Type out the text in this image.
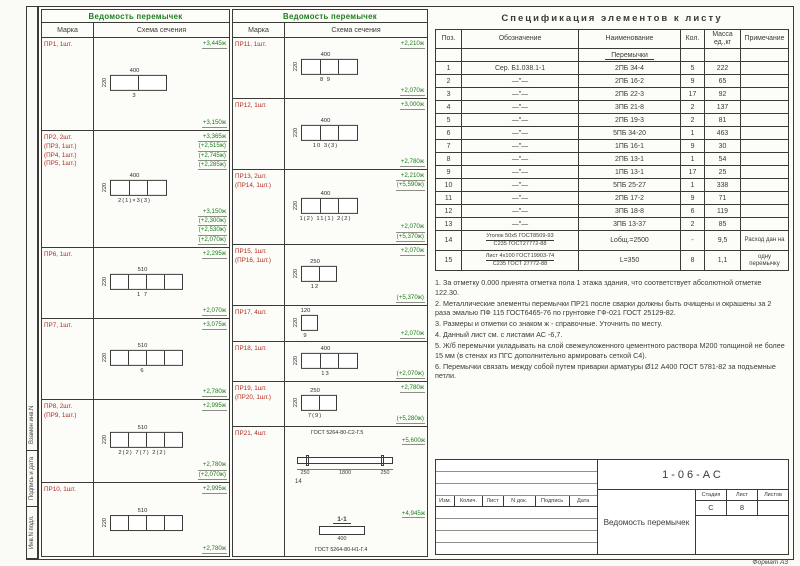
Взамен инв.N
Подпись и дата
Инв.N подл.
Ведомость перемычек
Марка	Схема сечения
ПР1, 1шт.	+3,445ж
400
220
3
+3,150ж
ПР2, 2шт.
(ПР3, 1шт.)
(ПР4, 1шт.)
(ПР5, 1шт.)
+3,365ж
(+2,515ж)
(+2,745ж)
(+2,285ж)
400
220
2(1)×3(3)
+3,150ж
(+2,300ж)
(+2,530ж)
(+2,070ж)
ПР6, 1шт.	+2,295ж
510
220
1 7
+2,070ж
ПР7, 1шт.	+3,075ж
510
220
6
+2,780ж
ПР8, 2шт.
(ПР9, 1шт.)
+2,995ж
510
220
2(2) 7(7) 2(2)
+2,780ж
(+2,070ж)
ПР10, 1шт.	+2,995ж
510
220
+2,780ж
Ведомость перемычек
Марка	Схема сечения
ПР11, 1шт.	+2,210ж
400
220
8 9
+2,070ж
ПР12, 1шт.	+3,000ж
400
220
10 3(3)
+2,780ж
ПР13, 2шт.
(ПР14, 1шт.)
+2,210ж
(+5,590ж)
400
220
1(2) 11(1) 2(2)
+2,070ж
(+5,370ж)
ПР15, 1шт.
(ПР16, 1шт.)
+2,070ж
250
220
12
(+5,370ж)
ПР17, 4шт.	120
220
9	+2,070ж
ПР18, 1шт.	400
220
13	(+2,070ж)
ПР19, 1шт.
(ПР20, 1шт.)
+2,780ж
250
220
7(9)	(+5,280ж)
ПР21, 4шт.	ГОСТ 5264-80-С2-Г.5
+5,600ж
250	1800	250
14
1-1
400
+4,945ж
ГОСТ 5264-80-Н1-Г.4
Спецификация элементов к листу
Поз.	Обозначение	Наименование	Кол.	Масса ед.,кг	Примечание
		Перемычки			
1	Сер. Б1.038.1-1	2ПБ 34-4	5	222	
2	—″—	2ПБ 16-2	9	65	
3	—″—	2ПБ 22-3	17	92	
4	—″—	3ПБ 21-8	2	137	
5	—″—	2ПБ 19-3	2	81	
6	—″—	5ПБ 34-20	1	463	
7	—″—	1ПБ 16-1	9	30	
8	—″—	2ПБ 13-1	1	54	
9	—″—	1ПБ 13-1	17	25	
10	—″—	5ПБ 25-27	1	338	
11	—″—	2ПБ 17-2	9	71	
12	—″—	3ПБ 18-8	6	119	
13	—″—	3ПБ 13-37	2	85	
14	Уголок 50х5 ГОСТ8509-93
С235 ГОСТ27772-88	Lобщ.=2500	-	9,5	Расход дан на
15	Лист 4х100 ГОСТ19903-74
С235 ГОСТ 27772-88	L=350	8	1,1	одну перемычку
1. За отметку 0.000 принята отметка пола 1 этажа здания, что соответствует абсолютной отметке 122.30.
2. Металлические элементы перемычки ПР21 после сварки должны быть очищены и окрашены за 2 раза эмалью ПФ 115 ГОСТ6465-76 по грунтовке ГФ-021 ГОСТ 25129-82.
3. Размеры и отметки со знаком ж - справочные. Уточнить по месту.
4. Данный лист см. с листами АС -6,7.
5. Ж/б перемычки укладывать на слой свежеуложенного цементного раствора М200 толщиной не более 15 мм (в стенах из ПГС дополнительно армировать сеткой С4).
6. Перемычки связать между собой путем приварки арматуры Ø12 А400 ГОСТ 5781-82 за подъемные петли.
Изм.	Колич.	Лист	N док.	Подпись	Дата
1-06-АС
Ведомость перемычек
Стадия	Лист	Листов
С	8
Формат А3
